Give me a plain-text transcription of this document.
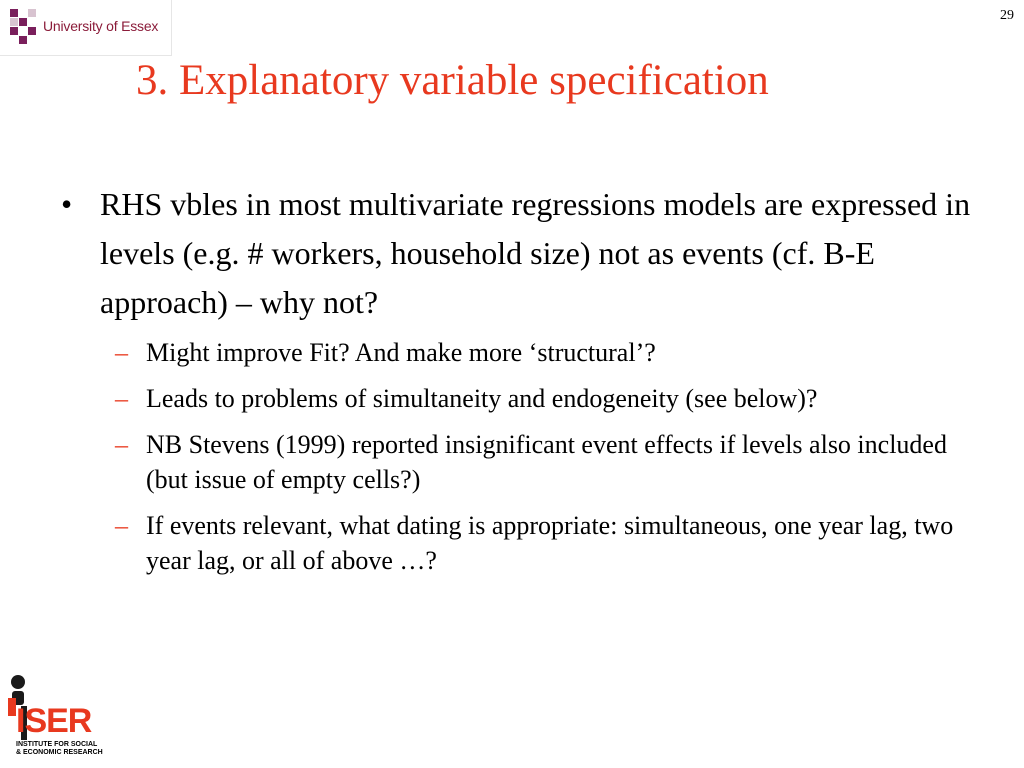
University of Essex
29
3. Explanatory variable specification
• RHS vbles in most multivariate regressions models are expressed in levels (e.g. # workers, household size) not as events (cf. B-E approach) – why not?
– Might improve Fit? And make more ‘structural’?
– Leads to problems of simultaneity and endogeneity (see below)?
– NB Stevens (1999) reported insignificant event effects if levels also included (but issue of empty cells?)
– If events relevant, what dating is appropriate: simultaneous, one year lag, two year lag, or all of above …?
ISER
INSTITUTE FOR SOCIAL
& ECONOMIC RESEARCH
